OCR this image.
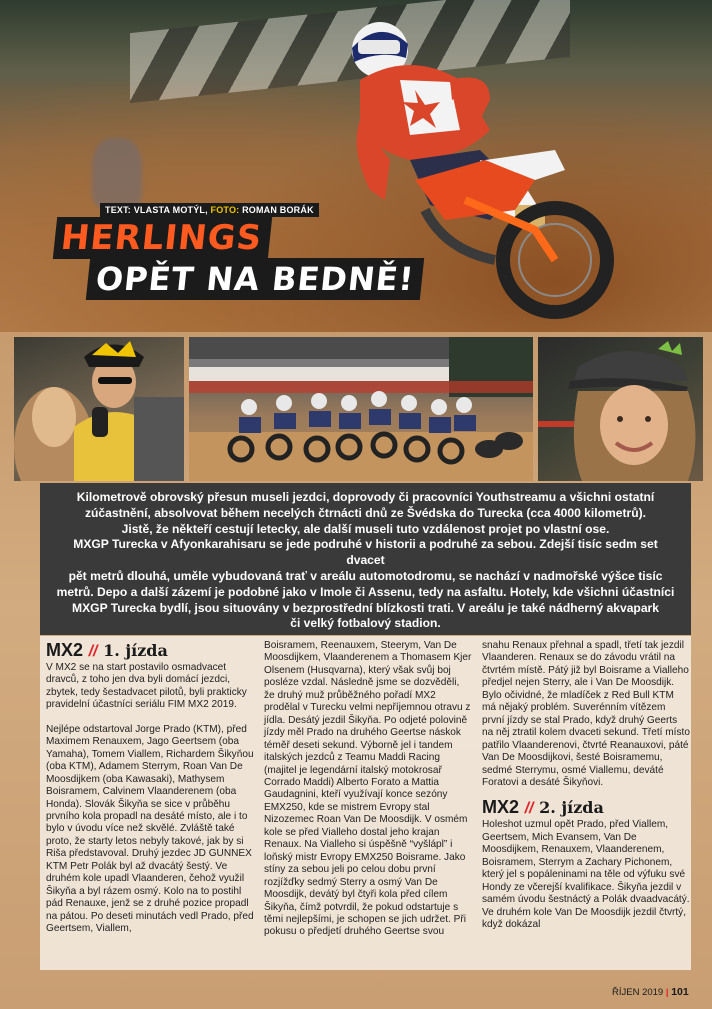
TEXT: VLASTA MOTÝL, FOTO: ROMAN BORÁK
HERLINGS
OPĚT NA BEDNĚ!

Kilometrově obrovský přesun museli jezdci, doprovody či pracovníci Youthstreamu a všichni ostatní

zúčastnění, absolvovat během necelých čtrnácti dnů ze Švédska do Turecka (cca 4000 kilometrů).

Jistě, že někteří cestují letecky, ale další museli tuto vzdálenost projet po vlastní ose.

MXGP Turecka v Afyonkarahisaru se jede podruhé v historii a podruhé za sebou. Zdejší tisíc sedm set dvacet

pět metrů dlouhá, uměle vybudovaná trať v areálu automotodromu, se nachází v nadmořské výšce tisíc

metrů. Depo a další zázemí je podobné jako v Imole či Assenu, tedy na asfaltu. Hotely, kde všichni účastníci

MXGP Turecka bydlí, jsou situovány v bezprostřední blízkosti trati. V areálu je také nádherný akvapark

či velký fotbalový stadion.

MX2 // 1. jízda

V MX2 se na start postavilo osmadvacet dravců, z toho jen dva byli domácí jezdci, zbytek, tedy šestadvacet pilotů, byli prakticky pravidelní účastníci seriálu FIM MX2 2019.

Nejlépe odstartoval Jorge Prado (KTM), před Maximem Renauxem, Jago Geertsem (oba Yamaha), Tomem Viallem, Richardem Šikyňou (oba KTM), Adamem Sterrym, Roan Van De Moosdijkem (oba Kawasaki), Mathysem Boisramem, Calvinem Vlaanderenem (oba Honda). Slovák Šikyňa se sice v průběhu prvního kola propadl na desáté místo, ale i to bylo v úvodu více než skvělé. Zvláště také proto, že starty letos nebyly takové, jak by si Riša představoval. Druhý jezdec JD GUNNEX KTM Petr Polák byl až dvacátý šestý. Ve druhém kole upadl Vlaanderen, čehož využil Šikyňa a byl rázem osmý. Kolo na to postihl pád Renauxe, jenž se z druhé pozice propadl na pátou. Po deseti minutách vedl Prado, před Geertsem, Viallem,

Boisramem, Reenauxem, Steerym, Van De Moosdijkem, Vlaanderenem a Thomasem Kjer Olsenem (Husqvarna), který však svůj boj posléze vzdal. Následně jsme se dozvěděli, že druhý muž průběžného pořadí MX2 prodělal v Turecku velmi nepříjemnou otravu z jídla. Desátý jezdil Šikyňa. Po odjeté polovině jízdy měl Prado na druhého Geertse náskok téměř deseti sekund. Výborně jel i tandem italských jezdců z Teamu Maddi Racing (majitel je legendární italský motokrosař Corrado Maddi) Alberto Forato a Mattia Gaudagnini, kteří využívají konce sezóny EMX250, kde se mistrem Evropy stal Nizozemec Roan Van De Moosdijk. V osmém kole se před Vialleho dostal jeho krajan Renaux. Na Vialleho si úspěšně “vyšlápl” i loňský mistr Evropy EMX250 Boisrame. Jako stíny za sebou jeli po celou dobu první rozjížďky sedmý Sterry a osmý Van De Moosdijk, devátý byl čtyři kola před cílem Šikyňa, čímž potvrdil, že pokud odstartuje s těmi nejlepšími, je schopen se jich udržet. Při pokusu o předjetí druhého Geertse svou

snahu Renaux přehnal a spadl, třetí tak jezdil Vlaanderen. Renaux se do závodu vrátil na čtvrtém místě. Pátý již byl Boisrame a Vialleho předjel nejen Sterry, ale i Van De Moosdijk. Bylo očividné, že mladíček z Red Bull KTM má nějaký problém. Suverénním vítězem první jízdy se stal Prado, když druhý Geerts na něj ztratil kolem dvaceti sekund. Třetí místo patřilo Vlaanderenovi, čtvrté Reanauxovi, páté Van De Moosdijkovi, šesté Boisramemu, sedmé Sterrymu, osmé Viallemu, deváté Foratovi a desáté Šikyňovi.

MX2 // 2. jízda

Holeshot uzmul opět Prado, před Viallem, Geertsem, Mich Evansem, Van De Moosdijkem, Renauxem, Vlaanderenem, Boisramem, Sterrym a Zachary Pichonem, který jel s popáleninami na těle od výfuku své Hondy ze včerejší kvalifikace. Šikyňa jezdil v samém úvodu šestnáctý a Polák dvaadvacátý. Ve druhém kole Van De Moosdijk jezdil čtvrtý, když dokázal

ŘÍJEN 2019 | 101
